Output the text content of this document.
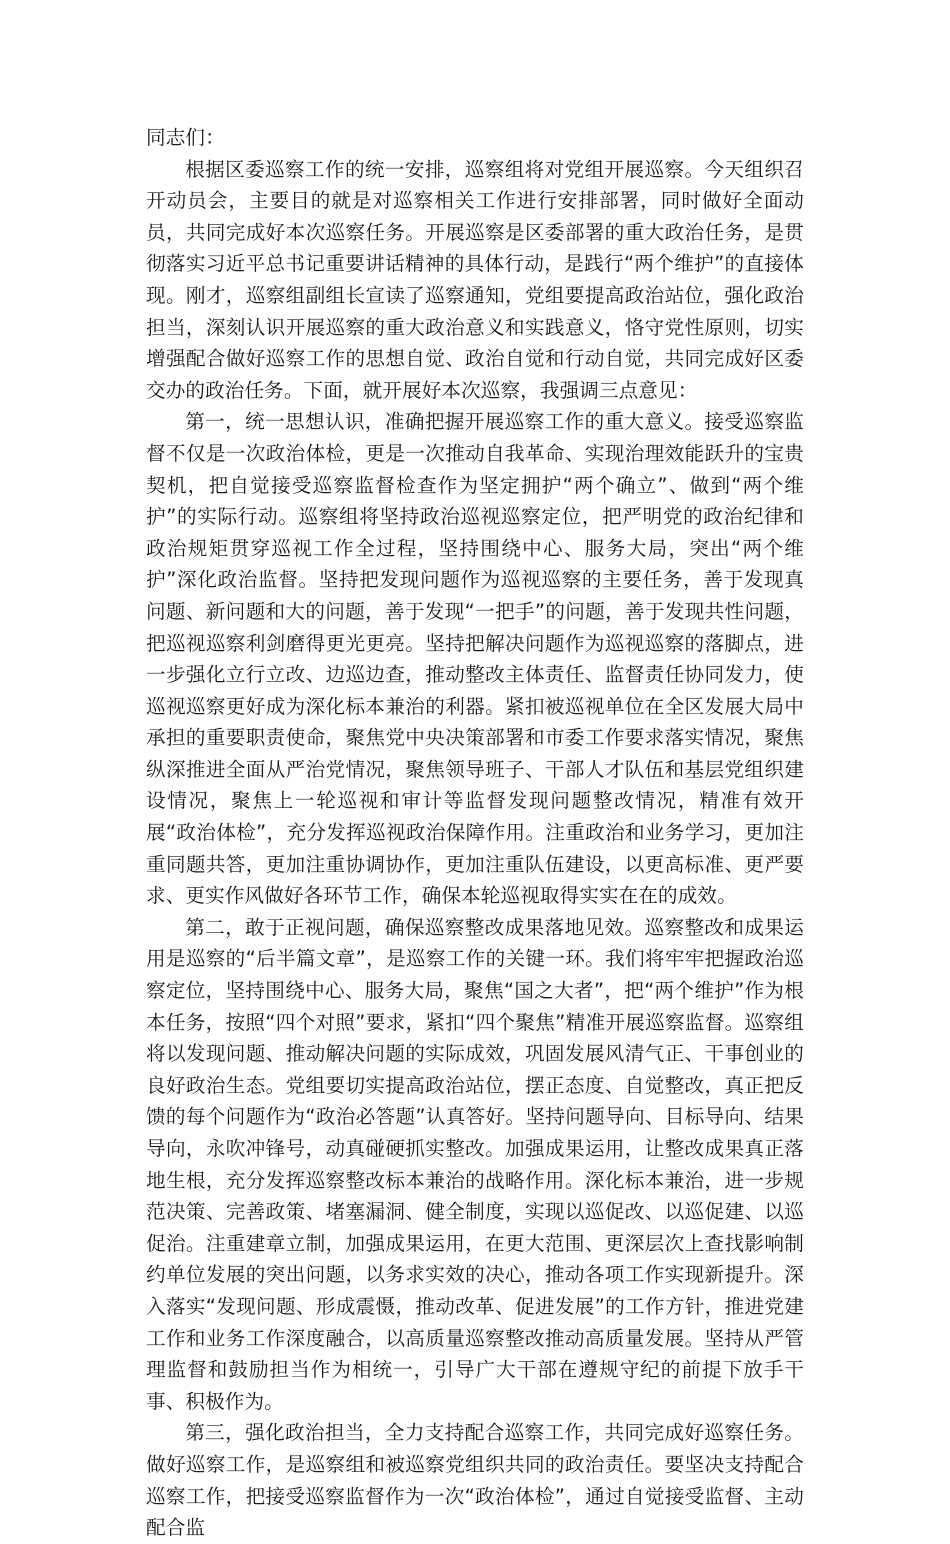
同志们：

根据区委巡察工作的统一安排，巡察组将对党组开展巡察。今天组织召开动员会，主要目的就是对巡察相关工作进行安排部署，同时做好全面动员，共同完成好本次巡察任务。开展巡察是区委部署的重大政治任务，是贯彻落实习近平总书记重要讲话精神的具体行动，是践行“两个维护”的直接体现。刚才，巡察组副组长宣读了巡察通知，党组要提高政治站位，强化政治担当，深刻认识开展巡察的重大政治意义和实践意义，恪守党性原则，切实增强配合做好巡察工作的思想自觉、政治自觉和行动自觉，共同完成好区委交办的政治任务。下面，就开展好本次巡察，我强调三点意见：

第一，统一思想认识，准确把握开展巡察工作的重大意义。接受巡察监督不仅是一次政治体检，更是一次推动自我革命、实现治理效能跃升的宝贵契机，把自觉接受巡察监督检查作为坚定拥护“两个确立”、做到“两个维护”的实际行动。巡察组将坚持政治巡视巡察定位，把严明党的政治纪律和政治规矩贯穿巡视工作全过程，坚持围绕中心、服务大局，突出“两个维护”深化政治监督。坚持把发现问题作为巡视巡察的主要任务，善于发现真问题、新问题和大的问题，善于发现“一把手”的问题，善于发现共性问题，把巡视巡察利剑磨得更光更亮。坚持把解决问题作为巡视巡察的落脚点，进一步强化立行立改、边巡边查，推动整改主体责任、监督责任协同发力，使巡视巡察更好成为深化标本兼治的利器。紧扣被巡视单位在全区发展大局中承担的重要职责使命，聚焦党中央决策部署和市委工作要求落实情况，聚焦纵深推进全面从严治党情况，聚焦领导班子、干部人才队伍和基层党组织建设情况，聚焦上一轮巡视和审计等监督发现问题整改情况，精准有效开展“政治体检”，充分发挥巡视政治保障作用。注重政治和业务学习，更加注重同题共答，更加注重协调协作，更加注重队伍建设，以更高标准、更严要求、更实作风做好各环节工作，确保本轮巡视取得实实在在的成效。

第二，敢于正视问题，确保巡察整改成果落地见效。巡察整改和成果运用是巡察的“后半篇文章”，是巡察工作的关键一环。我们将牢牢把握政治巡察定位，坚持围绕中心、服务大局，聚焦“国之大者”，把“两个维护”作为根本任务，按照“四个对照”要求，紧扣“四个聚焦”精准开展巡察监督。巡察组将以发现问题、推动解决问题的实际成效，巩固发展风清气正、干事创业的良好政治生态。党组要切实提高政治站位，摆正态度、自觉整改，真正把反馈的每个问题作为“政治必答题”认真答好。坚持问题导向、目标导向、结果导向，永吹冲锋号，动真碰硬抓实整改。加强成果运用，让整改成果真正落地生根，充分发挥巡察整改标本兼治的战略作用。深化标本兼治，进一步规范决策、完善政策、堵塞漏洞、健全制度，实现以巡促改、以巡促建、以巡促治。注重建章立制，加强成果运用，在更大范围、更深层次上查找影响制约单位发展的突出问题，以务求实效的决心，推动各项工作实现新提升。深入落实“发现问题、形成震慑，推动改革、促进发展”的工作方针，推进党建工作和业务工作深度融合，以高质量巡察整改推动高质量发展。坚持从严管理监督和鼓励担当作为相统一，引导广大干部在遵规守纪的前提下放手干事、积极作为。

第三，强化政治担当，全力支持配合巡察工作，共同完成好巡察任务。做好巡察工作，是巡察组和被巡察党组织共同的政治责任。要坚决支持配合巡察工作，把接受巡察监督作为一次“政治体检”，通过自觉接受监督、主动配合监
